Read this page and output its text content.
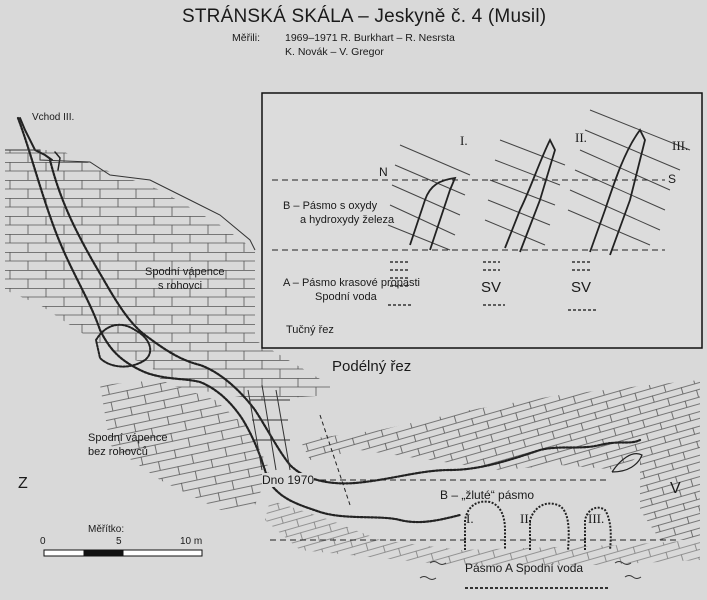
STRÁNSKÁ SKÁLA – Jeskyně č. 4 (Musil)
Měřili: 1969–1971 R. Burkhart – R. Nesrsta
K. Novák – V. Gregor
Vchod III.
Spodní vápence
s rohovci
Podélný řez
Spodní vápence
bez rohovců
Dno 1970
B – „žluté“ pásmo
Pásmo A Spodní voda
I.	II.	III.
Z	V
I.	II.
III.
N	S
B – Pásmo s oxydy
a hydroxydy železa
A – Pásmo krasové propasti
Spodní voda
SV	SV
Tučný řez
Měřítko:
0	5	10 m
